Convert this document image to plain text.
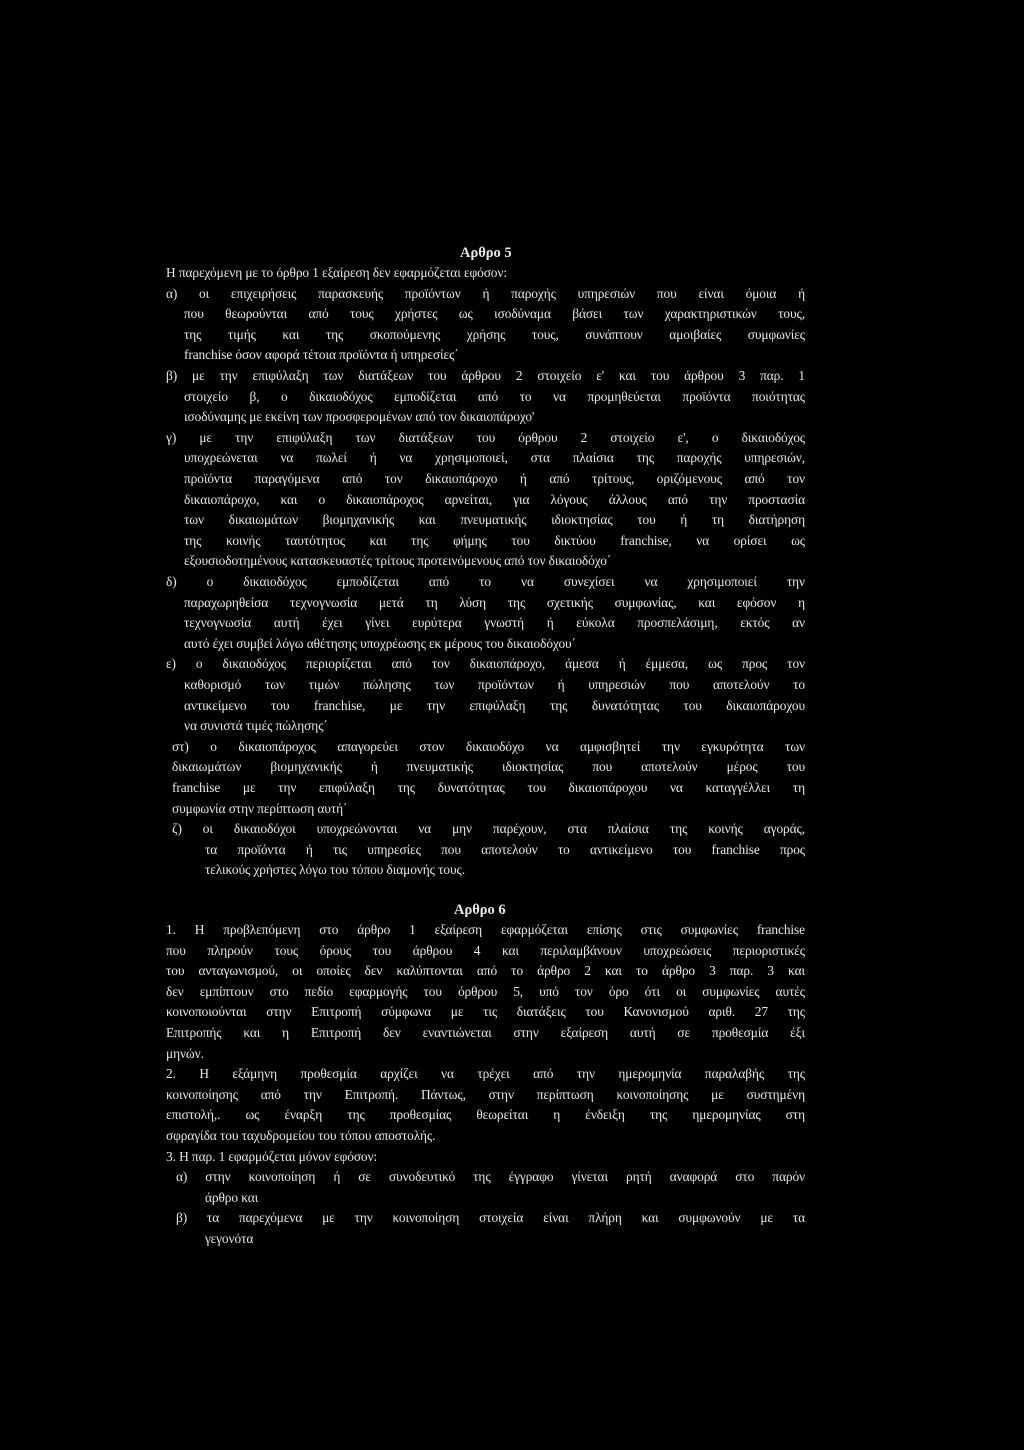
Αρθρο 5
Η παρεχόμενη με το όρθρο 1 εξαίρεση δεν εφαρμόζεται εφόσον:
α) οι επιχειρήσεις παρασκευής προϊόντων ή παροχής υπηρεσιών που είναι όμοια ή
που θεωρούνται από τους χρήστες ως ισοδύναμα βάσει των χαρακτηριστικών τους,
της τιμής και της σκοπούμενης χρήσης τους, συνάπτουν αμοιβαίες συμφωνίες
franchise όσον αφορά τέτοια προϊόντα ή υπηρεσίες΄
β) με την επιφύλαξη των διατάξεων του άρθρου 2 στοιχείο ε' και του άρθρου 3 παρ. 1
στοιχείο β, ο δικαιοδόχος εμποδίζεται από το να προμηθεύεται προϊόντα ποιότητας
ισοδύναμης με εκείνη των προσφερομένων από τον δικαιοπάροχο'
γ) με την επιφύλαξη των διατάξεων του όρθρου 2 στοιχείο ε', ο δικαιοδόχος
υποχρεώνεται να πωλεί ή να χρησιμοποιεί, στα πλαίσια της παροχής υπηρεσιών,
προϊόντα παραγόμενα από τον δικαιοπάροχο ή από τρίτους, οριζόμενους από τον
δικαιοπάροχο, και ο δικαιοπάροχος αρνείται, για λόγους άλλους από την προστασία
των δικαιωμάτων βιομηχανικής και πνευματικής ιδιοκτησίας του ή τη διατήρηση
της κοινής ταυτότητος και της φήμης του δικτύου franchise, να ορίσει ως
εξουσιοδοτημένους κατασκευαστές τρίτους προτεινόμενους από τον δικαιοδόχο΄
δ) ο δικαιοδόχος εμποδίζεται από το να συνεχίσει να χρησιμοποιεί την
παραχωρηθείσα τεχνογνωσία μετά τη λύση της σχετικής συμφωνίας, και εφόσον η
τεχνογνωσία αυτή έχει γίνει ευρύτερα γνωστή ή εύκολα προσπελάσιμη, εκτός αν
αυτό έχει συμβεί λόγω αθέτησης υποχρέωσης εκ μέρους του δικαιοδόχου΄
ε) ο δικαιοδόχος περιορίζεται από τον δικαιοπάροχο, άμεσα ή έμμεσα, ως προς τον
καθορισμό των τιμών πώλησης των προϊόντων ή υπηρεσιών που αποτελούν το
αντικείμενο του franchise, με την επιφύλαξη της δυνατότητας του δικαιοπάροχου
να συνιστά τιμές πώλησης΄
στ) ο δικαιοπάροχος απαγορεύει στον δικαιοδόχο να αμφισβητεί την εγκυρότητα των
δικαιωμάτων βιομηχανικής ή πνευματικής ιδιοκτησίας που αποτελούν μέρος του
franchise με την επιφύλαξη της δυνατότητας του δικαιοπάροχου να καταγγέλλει τη
συμφωνία στην περίπτωση αυτή΄
ζ) οι δικαιοδόχοι υποχρεώνονται να μην παρέχουν, στα πλαίσια της κοινής αγοράς,
τα προϊόντα ή τις υπηρεσίες που αποτελούν το αντικείμενο του franchise προς
τελικούς χρήστες λόγω του τόπου διαμονής τους.
Αρθρο 6
1. Η προβλεπόμενη στο άρθρο 1 εξαίρεση εφαρμόζεται επίσης στις συμφωνίες franchise
που πληρούν τους όρους του άρθρου 4 και περιλαμβάνουν υποχρεώσεις περιοριστικές
του ανταγωνισμού, οι οποίες δεν καλύπτονται από το άρθρο 2 και το άρθρο 3 παρ. 3 και
δεν εμπίπτουν στο πεδίο εφαρμογής του όρθρου 5, υπό τον όρο ότι οι συμφωνίες αυτές
κοινοποιούνται στην Επιτροπή σύμφωνα με τις διατάξεις του Κανονισμού αριθ. 27 της
Επιτροπής και η Επιτροπή δεν εναντιώνεται στην εξαίρεση αυτή σε προθεσμία έξι
μηνών.
2. Η εξάμηνη προθεσμία αρχίζει να τρέχει από την ημερομηνία παραλαβής της
κοινοποίησης από την Επιτροπή. Πάντως, στην περίπτωση κοινοποίησης με συστημένη
επιστολή,. ως έναρξη της προθεσμίας θεωρείται η ένδειξη της ημερομηνίας στη
σφραγίδα του ταχυδρομείου του τόπου αποστολής.
3. Η παρ. 1 εφαρμόζεται μόνον εφόσον:
α) στην κοινοποίηση ή σε συνοδευτικό της έγγραφο γίνεται ρητή αναφορά στο παρόν
άρθρο και
β) τα παρεχόμενα με την κοινοποίηση στοιχεία είναι πλήρη και συμφωνούν με τα
γεγονότα
